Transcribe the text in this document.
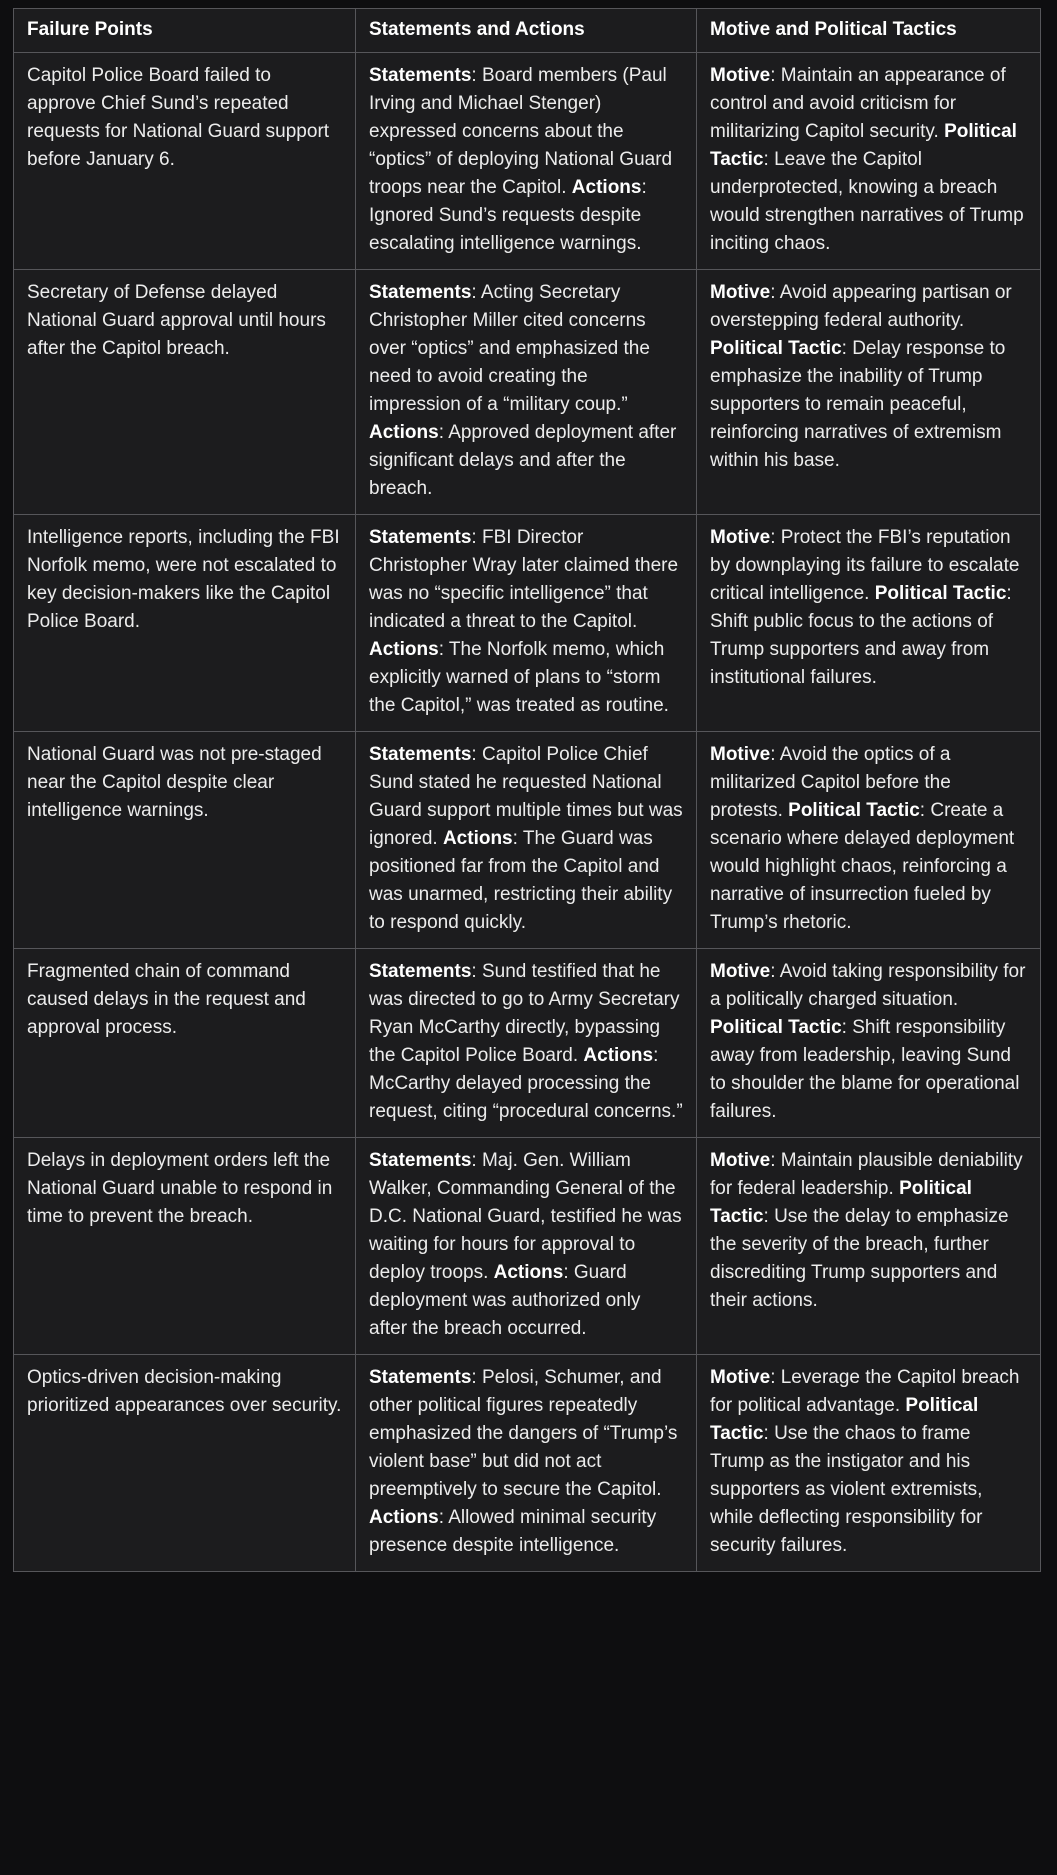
Failure Points	Statements and Actions	Motive and Political Tactics
Capitol Police Board failed to approve Chief Sund’s repeated requests for National Guard support before January 6.	Statements: Board members (Paul Irving and Michael Stenger) expressed concerns about the “optics” of deploying National Guard troops near the Capitol. Actions: Ignored Sund’s requests despite escalating intelligence warnings.	Motive: Maintain an appearance of control and avoid criticism for militarizing Capitol security. Political Tactic: Leave the Capitol underprotected, knowing a breach would strengthen narratives of Trump inciting chaos.
Secretary of Defense delayed National Guard approval until hours after the Capitol breach.	Statements: Acting Secretary Christopher Miller cited concerns over “optics” and emphasized the need to avoid creating the impression of a “military coup.” Actions: Approved deployment after significant delays and after the breach.	Motive: Avoid appearing partisan or overstepping federal authority. Political Tactic: Delay response to emphasize the inability of Trump supporters to remain peaceful, reinforcing narratives of extremism within his base.
Intelligence reports, including the FBI Norfolk memo, were not escalated to key decision-makers like the Capitol Police Board.	Statements: FBI Director Christopher Wray later claimed there was no “specific intelligence” that indicated a threat to the Capitol. Actions: The Norfolk memo, which explicitly warned of plans to “storm the Capitol,” was treated as routine.	Motive: Protect the FBI’s reputation by downplaying its failure to escalate critical intelligence. Political Tactic: Shift public focus to the actions of Trump supporters and away from institutional failures.
National Guard was not pre-staged near the Capitol despite clear intelligence warnings.	Statements: Capitol Police Chief Sund stated he requested National Guard support multiple times but was ignored. Actions: The Guard was positioned far from the Capitol and was unarmed, restricting their ability to respond quickly.	Motive: Avoid the optics of a militarized Capitol before the protests. Political Tactic: Create a scenario where delayed deployment would highlight chaos, reinforcing a narrative of insurrection fueled by Trump’s rhetoric.
Fragmented chain of command caused delays in the request and approval process.	Statements: Sund testified that he was directed to go to Army Secretary Ryan McCarthy directly, bypassing the Capitol Police Board. Actions: McCarthy delayed processing the request, citing “procedural concerns.”	Motive: Avoid taking responsibility for a politically charged situation. Political Tactic: Shift responsibility away from leadership, leaving Sund to shoulder the blame for operational failures.
Delays in deployment orders left the National Guard unable to respond in time to prevent the breach.	Statements: Maj. Gen. William Walker, Commanding General of the D.C. National Guard, testified he was waiting for hours for approval to deploy troops. Actions: Guard deployment was authorized only after the breach occurred.	Motive: Maintain plausible deniability for federal leadership. Political Tactic: Use the delay to emphasize the severity of the breach, further discrediting Trump supporters and their actions.
Optics-driven decision-making prioritized appearances over security.	Statements: Pelosi, Schumer, and other political figures repeatedly emphasized the dangers of “Trump’s violent base” but did not act preemptively to secure the Capitol. Actions: Allowed minimal security presence despite intelligence.	Motive: Leverage the Capitol breach for political advantage. Political Tactic: Use the chaos to frame Trump as the instigator and his supporters as violent extremists, while deflecting responsibility for security failures.
